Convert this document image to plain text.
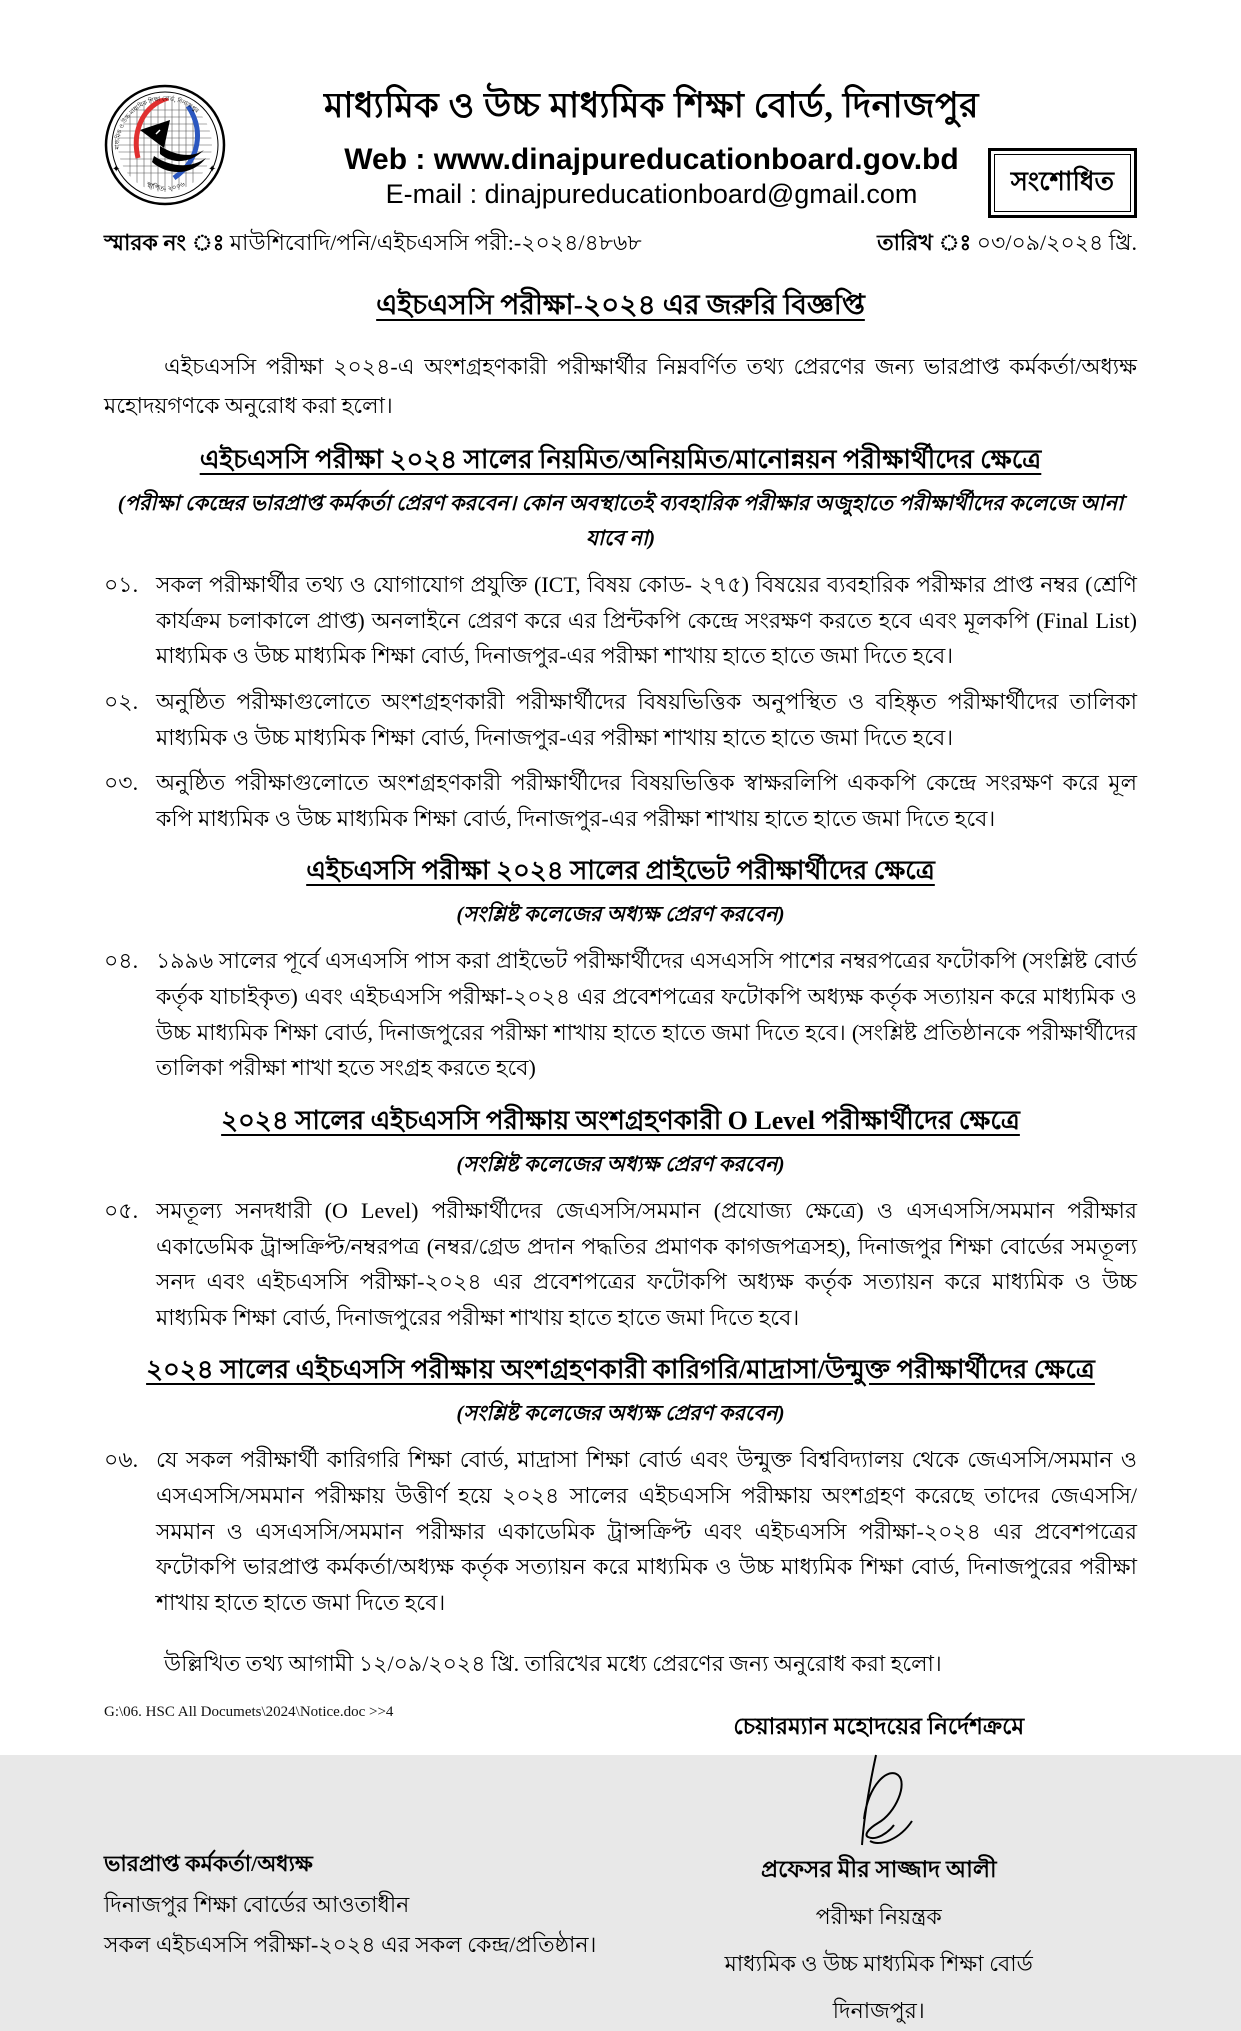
মাধ্যমিক ও উচ্চ মাধ্যমিক শিক্ষা বোর্ড, দিনাজপুর
স্থাপিত- ২০০৬
✦	✦
মাধ্যমিক ও উচ্চ মাধ্যমিক শিক্ষা বোর্ড, দিনাজপুর
Web : www.dinajpureducationboard.gov.bd
E-mail : dinajpureducationboard@gmail.com	সংশোধিত
স্মারক নং ঃ মাউশিবোদি/পনি/এইচএসসি পরী:-২০২৪/৪৮৬৮	তারিখ ঃ ০৩/০৯/২০২৪ খ্রি.
এইচএসসি পরীক্ষা-২০২৪ এর জরুরি বিজ্ঞপ্তি
এইচএসসি পরীক্ষা ২০২৪-এ অংশগ্রহণকারী পরীক্ষার্থীর নিম্নবর্ণিত তথ্য প্রেরণের জন্য ভারপ্রাপ্ত কর্মকর্তা/অধ্যক্ষ মহোদয়গণকে অনুরোধ করা হলো।
এইচএসসি পরীক্ষা ২০২৪ সালের নিয়মিত/অনিয়মিত/মানোন্নয়ন পরীক্ষার্থীদের ক্ষেত্রে
(পরীক্ষা কেন্দ্রের ভারপ্রাপ্ত কর্মকর্তা প্রেরণ করবেন। কোন অবস্থাতেই ব্যবহারিক পরীক্ষার অজুহাতে পরীক্ষার্থীদের কলেজে আনা যাবে না)
০১. সকল পরীক্ষার্থীর তথ্য ও যোগাযোগ প্রযুক্তি (ICT, বিষয় কোড- ২৭৫) বিষয়ের ব্যবহারিক পরীক্ষার প্রাপ্ত নম্বর (শ্রেণি কার্যক্রম চলাকালে প্রাপ্ত) অনলাইনে প্রেরণ করে এর প্রিন্টকপি কেন্দ্রে সংরক্ষণ করতে হবে এবং মূলকপি (Final List) মাধ্যমিক ও উচ্চ মাধ্যমিক শিক্ষা বোর্ড, দিনাজপুর-এর পরীক্ষা শাখায় হাতে হাতে জমা দিতে হবে।
০২. অনুষ্ঠিত পরীক্ষাগুলোতে অংশগ্রহণকারী পরীক্ষার্থীদের বিষয়ভিত্তিক অনুপস্থিত ও বহিষ্কৃত পরীক্ষার্থীদের তালিকা মাধ্যমিক ও উচ্চ মাধ্যমিক শিক্ষা বোর্ড, দিনাজপুর-এর পরীক্ষা শাখায় হাতে হাতে জমা দিতে হবে।
০৩. অনুষ্ঠিত পরীক্ষাগুলোতে অংশগ্রহণকারী পরীক্ষার্থীদের বিষয়ভিত্তিক স্বাক্ষরলিপি এককপি কেন্দ্রে সংরক্ষণ করে মূল কপি মাধ্যমিক ও উচ্চ মাধ্যমিক শিক্ষা বোর্ড, দিনাজপুর-এর পরীক্ষা শাখায় হাতে হাতে জমা দিতে হবে।
এইচএসসি পরীক্ষা ২০২৪ সালের প্রাইভেট পরীক্ষার্থীদের ক্ষেত্রে
(সংশ্লিষ্ট কলেজের অধ্যক্ষ প্রেরণ করবেন)
০৪. ১৯৯৬ সালের পূর্বে এসএসসি পাস করা প্রাইভেট পরীক্ষার্থীদের এসএসসি পাশের নম্বরপত্রের ফটোকপি (সংশ্লিষ্ট বোর্ড কর্তৃক যাচাইকৃত) এবং এইচএসসি পরীক্ষা-২০২৪ এর প্রবেশপত্রের ফটোকপি অধ্যক্ষ কর্তৃক সত্যায়ন করে মাধ্যমিক ও উচ্চ মাধ্যমিক শিক্ষা বোর্ড, দিনাজপুরের পরীক্ষা শাখায় হাতে হাতে জমা দিতে হবে। (সংশ্লিষ্ট প্রতিষ্ঠানকে পরীক্ষার্থীদের তালিকা পরীক্ষা শাখা হতে সংগ্রহ করতে হবে)
২০২৪ সালের এইচএসসি পরীক্ষায় অংশগ্রহণকারী O Level পরীক্ষার্থীদের ক্ষেত্রে
(সংশ্লিষ্ট কলেজের অধ্যক্ষ প্রেরণ করবেন)
০৫. সমতূল্য সনদধারী (O Level) পরীক্ষার্থীদের জেএসসি/সমমান (প্রযোজ্য ক্ষেত্রে) ও এসএসসি/সমমান পরীক্ষার একাডেমিক ট্রান্সক্রিপ্ট/নম্বরপত্র (নম্বর/গ্রেড প্রদান পদ্ধতির প্রমাণক কাগজপত্রসহ), দিনাজপুর শিক্ষা বোর্ডের সমতূল্য সনদ এবং এইচএসসি পরীক্ষা-২০২৪ এর প্রবেশপত্রের ফটোকপি অধ্যক্ষ কর্তৃক সত্যায়ন করে মাধ্যমিক ও উচ্চ মাধ্যমিক শিক্ষা বোর্ড, দিনাজপুরের পরীক্ষা শাখায় হাতে হাতে জমা দিতে হবে।
২০২৪ সালের এইচএসসি পরীক্ষায় অংশগ্রহণকারী কারিগরি/মাদ্রাসা/উন্মুক্ত পরীক্ষার্থীদের ক্ষেত্রে
(সংশ্লিষ্ট কলেজের অধ্যক্ষ প্রেরণ করবেন)
০৬. যে সকল পরীক্ষার্থী কারিগরি শিক্ষা বোর্ড, মাদ্রাসা শিক্ষা বোর্ড এবং উন্মুক্ত বিশ্ববিদ্যালয় থেকে জেএসসি/সমমান ও এসএসসি/সমমান পরীক্ষায় উত্তীর্ণ হয়ে ২০২৪ সালের এইচএসসি পরীক্ষায় অংশগ্রহণ করেছে তাদের জেএসসি/সমমান ও এসএসসি/সমমান পরীক্ষার একাডেমিক ট্রান্সক্রিপ্ট এবং এইচএসসি পরীক্ষা-২০২৪ এর প্রবেশপত্রের ফটোকপি ভারপ্রাপ্ত কর্মকর্তা/অধ্যক্ষ কর্তৃক সত্যায়ন করে মাধ্যমিক ও উচ্চ মাধ্যমিক শিক্ষা বোর্ড, দিনাজপুরের পরীক্ষা শাখায় হাতে হাতে জমা দিতে হবে।
উল্লিখিত তথ্য আগামী ১২/০৯/২০২৪ খ্রি. তারিখের মধ্যে প্রেরণের জন্য অনুরোধ করা হলো।
ভারপ্রাপ্ত কর্মকর্তা/অধ্যক্ষ
দিনাজপুর শিক্ষা বোর্ডের আওতাধীন
সকল এইচএসসি পরীক্ষা-২০২৪ এর সকল কেন্দ্র/প্রতিষ্ঠান।
চেয়ারম্যান মহোদয়ের নির্দেশক্রমে
প্রফেসর মীর সাজ্জাদ আলী
পরীক্ষা নিয়ন্ত্রক
মাধ্যমিক ও উচ্চ মাধ্যমিক শিক্ষা বোর্ড
দিনাজপুর।
G:\06. HSC All Documets\2024\Notice.doc >>4
